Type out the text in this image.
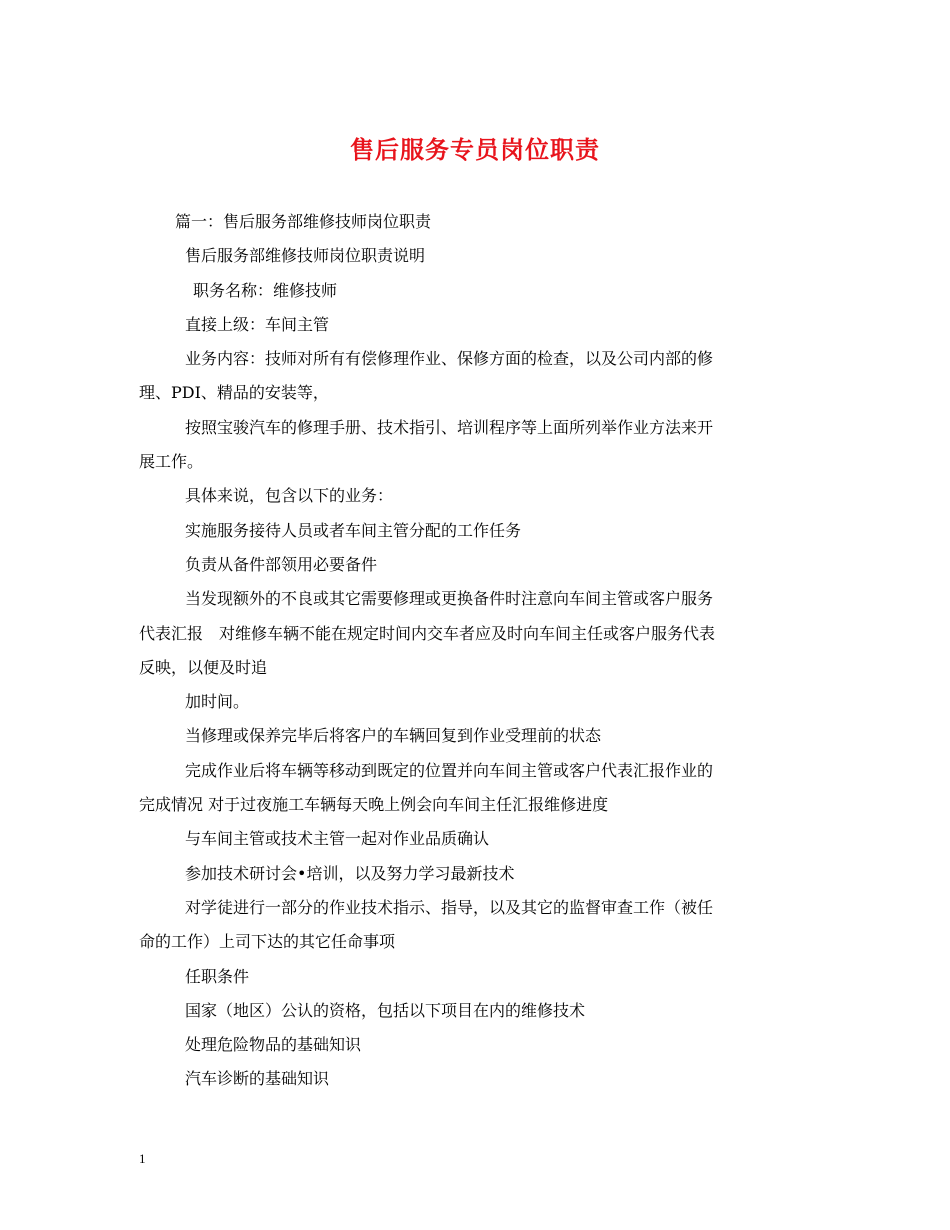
售后服务专员岗位职责
篇一：售后服务部维修技师岗位职责
售后服务部维修技师岗位职责说明
职务名称：维修技师
直接上级：车间主管
业务内容：技师对所有有偿修理作业、保修方面的检查，以及公司内部的修
理、PDI、精品的安装等，
按照宝骏汽车的修理手册、技术指引、培训程序等上面所列举作业方法来开
展工作。
具体来说，包含以下的业务：
实施服务接待人员或者车间主管分配的工作任务
负责从备件部领用必要备件
当发现额外的不良或其它需要修理或更换备件时注意向车间主管或客户服务
代表汇报　对维修车辆不能在规定时间内交车者应及时向车间主任或客户服务代表
反映，以便及时追
加时间。
当修理或保养完毕后将客户的车辆回复到作业受理前的状态
完成作业后将车辆等移动到既定的位置并向车间主管或客户代表汇报作业的
完成情况 对于过夜施工车辆每天晚上例会向车间主任汇报维修进度
与车间主管或技术主管一起对作业品质确认
参加技术研讨会•培训，以及努力学习最新技术
对学徒进行一部分的作业技术指示、指导，以及其它的监督审查工作（被任
命的工作）上司下达的其它任命事项
任职条件
国家（地区）公认的资格，包括以下项目在内的维修技术
处理危险物品的基础知识
汽车诊断的基础知识
1
